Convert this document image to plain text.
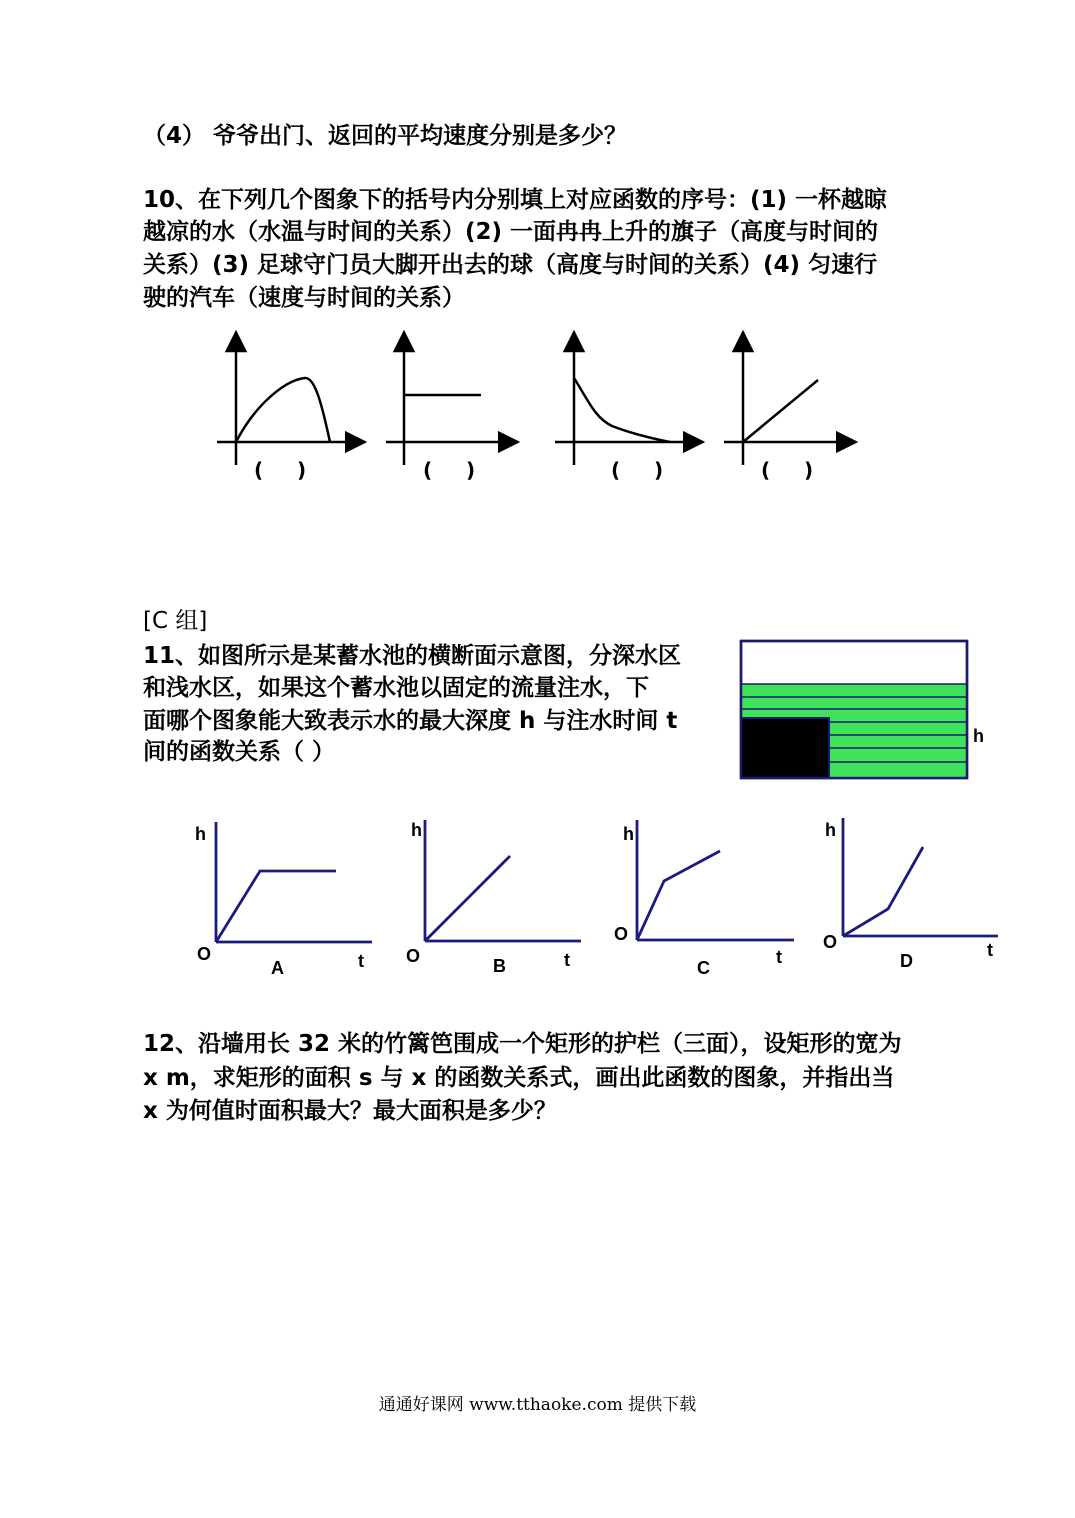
（4） 爷爷出门、返回的平均速度分别是多少？
10、在下列几个图象下的括号内分别填上对应函数的序号：(1) 一杯越晾
越凉的水（水温与时间的关系）(2) 一面冉冉上升的旗子（高度与时间的
关系）(3) 足球守门员大脚开出去的球（高度与时间的关系）(4) 匀速行
驶的汽车（速度与时间的关系）
[C 组]
11、如图所示是某蓄水池的横断面示意图，分深水区
和浅水区，如果这个蓄水池以固定的流量注水，下
面哪个图象能大致表示水的最大深度 h 与注水时间 t
间的函数关系（ ）
12、沿墙用长 32 米的竹篱笆围成一个矩形的护栏（三面），设矩形的宽为
x m，求矩形的面积 s 与 x 的函数关系式，画出此函数的图象，并指出当
x 为何值时面积最大？最大面积是多少？
通通好课网 www.tthaoke.com 提供下载
( )	( )	( )	( )
h
h
O	t
A
h
O	t
B
h
O
t
C
h
O	t
D
